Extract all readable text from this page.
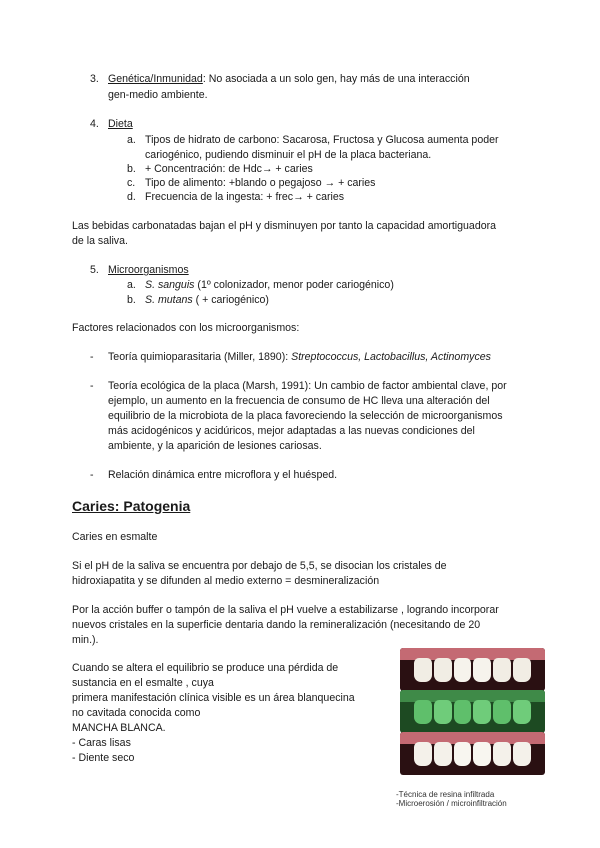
3. Genética/Inmunidad: No asociada a un solo gen, hay más de una interacción
gen-medio ambiente.
4. Dieta
a. Tipos de hidrato de carbono: Sacarosa, Fructosa y Glucosa aumenta poder
cariogénico, pudiendo disminuir el pH de la placa bacteriana.
b. + Concentración: de Hdc→ + caries
c. Tipo de alimento: +blando o pegajoso → + caries
d. Frecuencia de la ingesta: + frec→ + caries
Las bebidas carbonatadas bajan el pH y disminuyen por tanto la capacidad amortiguadora
de la saliva.
5. Microorganismos
a. S. sanguis (1º colonizador, menor poder cariogénico)
b. S. mutans ( + cariogénico)
Factores relacionados con los microorganismos:
- Teoría quimioparasitaria (Miller, 1890): Streptococcus, Lactobacillus, Actinomyces
- Teoría ecológica de la placa (Marsh, 1991): Un cambio de factor ambiental clave, por
ejemplo, un aumento en la frecuencia de consumo de HC lleva una alteración del
equilibrio de la microbiota de la placa favoreciendo la selección de microorganismos
más acidogénicos y acidúricos, mejor adaptadas a las nuevas condiciones del
ambiente, y la aparición de lesiones cariosas.
- Relación dinámica entre microflora y el huésped.
Caries: Patogenia
Caries en esmalte
Si el pH de la saliva se encuentra por debajo de 5,5, se disocian los cristales de
hidroxiapatita y se difunden al medio externo = desmineralización
Por la acción buffer o tampón de la saliva el pH vuelve a estabilizarse , logrando incorporar
nuevos cristales en la superficie dentaria dando la remineralización (necesitando de 20
min.).
Cuando se altera el equilibrio se produce una pérdida de
sustancia en el esmalte , cuya
primera manifestación clínica visible es un área blanquecina
no cavitada conocida como
MANCHA BLANCA.
- Caras lisas
- Diente seco
-Técnica de resina infiltrada
-Microerosión / microinfiltración
